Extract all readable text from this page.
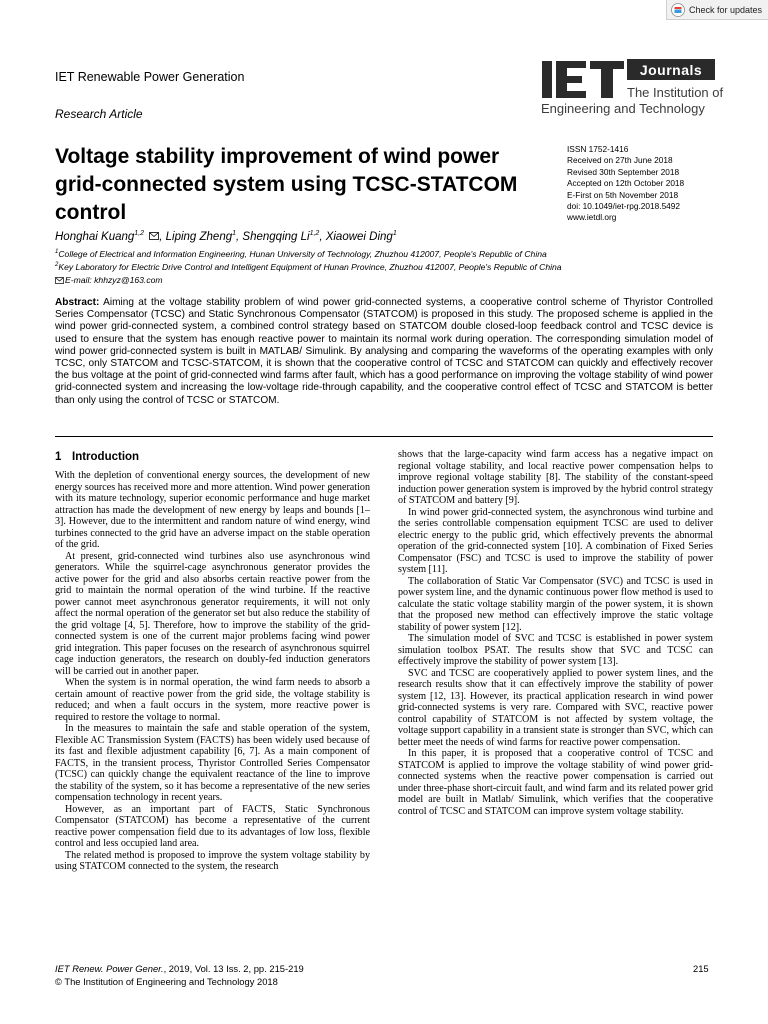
Check for updates
IET Renewable Power Generation
Research Article
Journals
The Institution of
Engineering and Technology
Voltage stability improvement of wind power
grid-connected system using TCSC-STATCOM
control
ISSN 1752-1416
Received on 27th June 2018
Revised 30th September 2018
Accepted on 12th October 2018
E-First on 5th November 2018
doi: 10.1049/iet-rpg.2018.5492
www.ietdl.org
Honghai Kuang$^{1,2}$ , Liping Zheng$^1$, Shengqing Li$^{1,2}$, Xiaowei Ding$^1$
$^1$College of Electrical and Information Engineering, Hunan University of Technology, Zhuzhou 412007, People's Republic of China
$^2$Key Laboratory for Electric Drive Control and Intelligent Equipment of Hunan Province, Zhuzhou 412007, People's Republic of China
E-mail: khhzyz@163.com
Abstract: Aiming at the voltage stability problem of wind power grid-connected systems, a cooperative control scheme of Thyristor Controlled Series Compensator (TCSC) and Static Synchronous Compensator (STATCOM) is proposed in this study. The proposed scheme is applied in the wind power grid-connected system, a combined control strategy based on STATCOM double closed-loop feedback control and TCSC device is used to ensure that the system has enough reactive power to maintain its normal work during operation. The corresponding simulation model of wind power grid-connected system is built in MATLAB/ Simulink. By analysing and comparing the waveforms of the operating examples with only TCSC, only STATCOM and TCSC-STATCOM, it is shown that the cooperative control of TCSC and STATCOM can quickly and effectively recover the bus voltage at the point of grid-connected wind farms after fault, which has a good performance on improving the voltage stability of wind power grid-connected system and increasing the low-voltage ride-through capability, and the cooperative control effect of TCSC and STATCOM is better than only using the control of TCSC or STATCOM.
1 Introduction

With the depletion of conventional energy sources, the development of new energy sources has received more and more attention. Wind power generation with its mature technology, superior economic performance and huge market attraction has made the development of new energy by leaps and bounds [1–3]. However, due to the intermittent and random nature of wind energy, wind turbines connected to the grid have an adverse impact on the stable operation of the grid.

At present, grid-connected wind turbines also use asynchronous wind generators. While the squirrel-cage asynchronous generator provides the active power for the grid and also absorbs certain reactive power from the grid to maintain the normal operation of the wind turbine. If the reactive power cannot meet asynchronous generator requirements, it will not only affect the normal operation of the generator set but also reduce the stability of the grid voltage [4, 5]. Therefore, how to improve the stability of the grid-connected system is one of the current major problems facing wind power grid integration. This paper focuses on the research of asynchronous squirrel cage induction generators, the research on doubly-fed induction generators will be carried out in another paper.

When the system is in normal operation, the wind farm needs to absorb a certain amount of reactive power from the grid side, the voltage stability is reduced; and when a fault occurs in the system, more reactive power is required to restore the voltage to normal.

In the measures to maintain the safe and stable operation of the system, Flexible AC Transmission System (FACTS) has been widely used because of its fast and flexible adjustment capability [6, 7]. As a main component of FACTS, in the transient process, Thyristor Controlled Series Compensator (TCSC) can quickly change the equivalent reactance of the line to improve the stability of the system, so it has become a representative of the new series compensation technology in recent years.

However, as an important part of FACTS, Static Synchronous Compensator (STATCOM) has become a representative of the current reactive power compensation field due to its advantages of low loss, flexible control and less occupied land area.

The related method is proposed to improve the system voltage stability by using STATCOM connected to the system, the research

shows that the large-capacity wind farm access has a negative impact on regional voltage stability, and local reactive power compensation helps to improve regional voltage stability [8]. The stability of the constant-speed induction power generation system is improved by the hybrid control strategy of STATCOM and battery [9].

In wind power grid-connected system, the asynchronous wind turbine and the series controllable compensation equipment TCSC are used to deliver electric energy to the public grid, which effectively prevents the abnormal operation of the grid-connected system [10]. A combination of Fixed Series Compensator (FSC) and TCSC is used to improve the stability of power system [11].

The collaboration of Static Var Compensator (SVC) and TCSC is used in power system line, and the dynamic continuous power flow method is used to calculate the static voltage stability margin of the power system, it is shown that the proposed new method can effectively improve the static voltage stability of power system [12].

The simulation model of SVC and TCSC is established in power system simulation toolbox PSAT. The results show that SVC and TCSC can effectively improve the stability of power system [13].

SVC and TCSC are cooperatively applied to power system lines, and the research results show that it can effectively improve the stability of power system [12, 13]. However, its practical application research in wind power grid-connected systems is very rare. Compared with SVC, reactive power control capability of STATCOM is not affected by system voltage, the voltage support capability in a transient state is stronger than SVC, which can better meet the needs of wind farms for reactive power compensation.

In this paper, it is proposed that a cooperative control of TCSC and STATCOM is applied to improve the voltage stability of wind power grid-connected systems when the reactive power compensation is carried out under three-phase short-circuit fault, and wind farm and its related power grid model are built in Matlab/ Simulink, which verifies that the cooperative control of TCSC and STATCOM can improve system voltage stability.

IET Renew. Power Gener., 2019, Vol. 13 Iss. 2, pp. 215-219
© The Institution of Engineering and Technology 2018
215
